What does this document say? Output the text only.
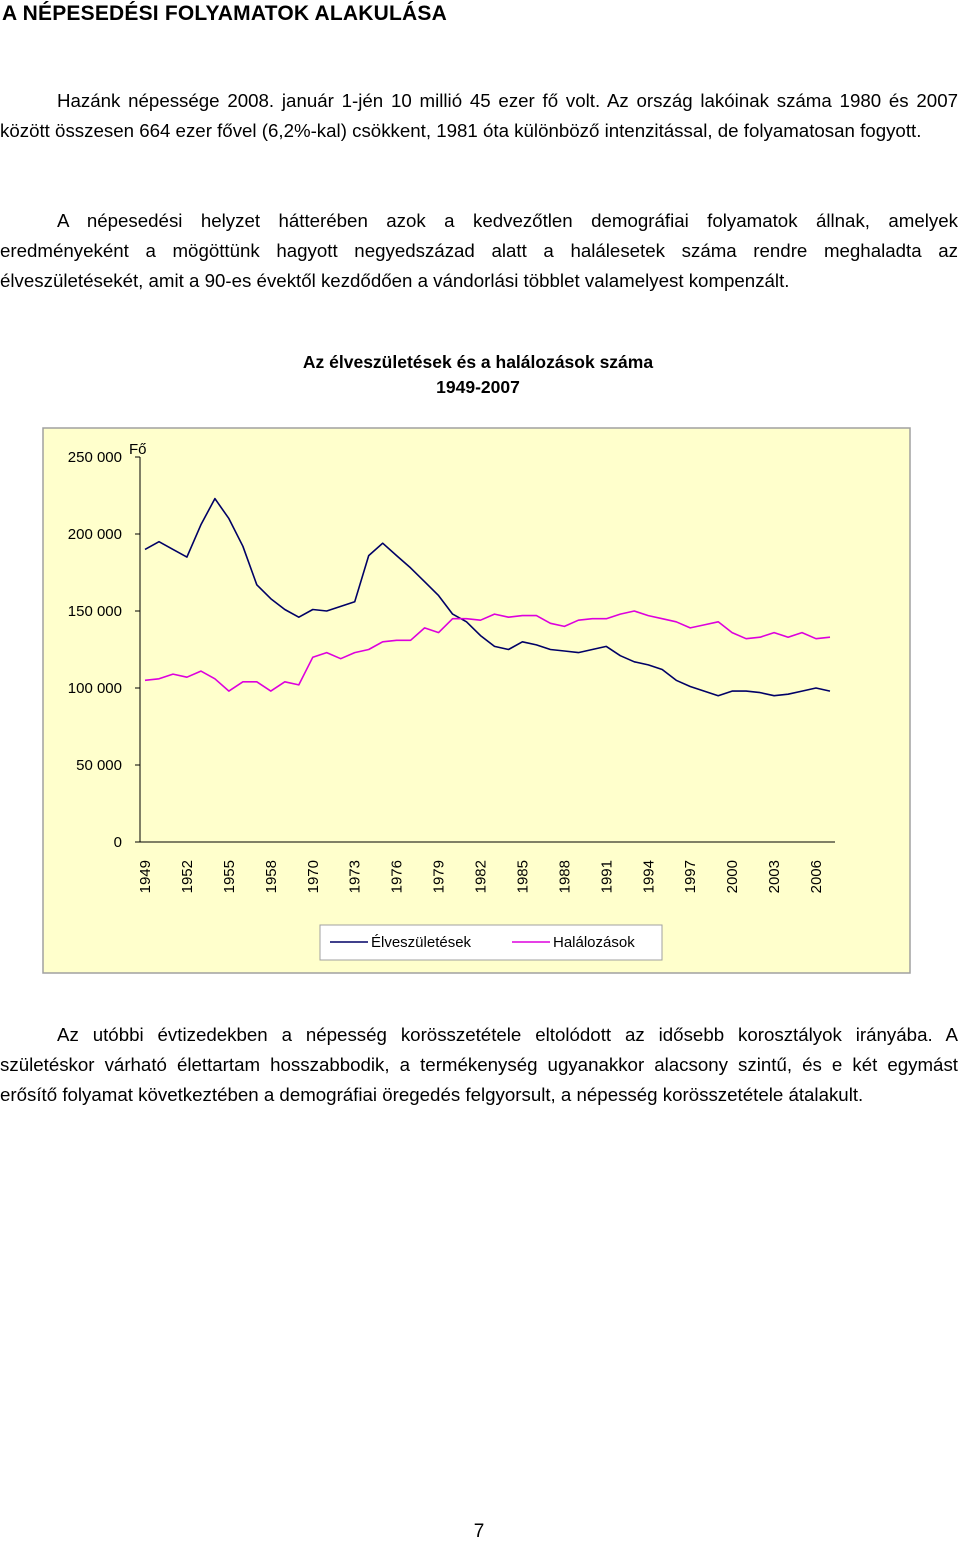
A NÉPESEDÉSI FOLYAMATOK ALAKULÁSA

Hazánk népessége 2008. január 1-jén 10 millió 45 ezer fő volt. Az ország lakóinak száma 1980 és 2007 között összesen 664 ezer fővel (6,2%-kal) csökkent, 1981 óta különböző intenzitással, de folyamatosan fogyott.

A népesedési helyzet hátterében azok a kedvezőtlen demográfiai folyamatok állnak, amelyek eredményeként a mögöttünk hagyott negyedszázad alatt a halálesetek száma rendre meghaladta az élveszületésekét, amit a 90-es évektől kezdődően a vándorlási többlet valamelyest kompenzált.

Az élveszületések és a halálozások száma
1949-2007
0
50 000
100 000
150 000
200 000
250 000
1949 1952 1955 1958 1970 1973 1976 1979 1982 1985 1988 1991 1994 1997 2000 2003 2006
Fő
Élveszületések	Halálozások

Az utóbbi évtizedekben a népesség korösszetétele eltolódott az idősebb korosztályok irányába. A születéskor várható élettartam hosszabbodik, a termékenység ugyanakkor alacsony szintű, és e két egymást erősítő folyamat következtében a demográfiai öregedés felgyorsult, a népesség korösszetétele átalakult.

7
